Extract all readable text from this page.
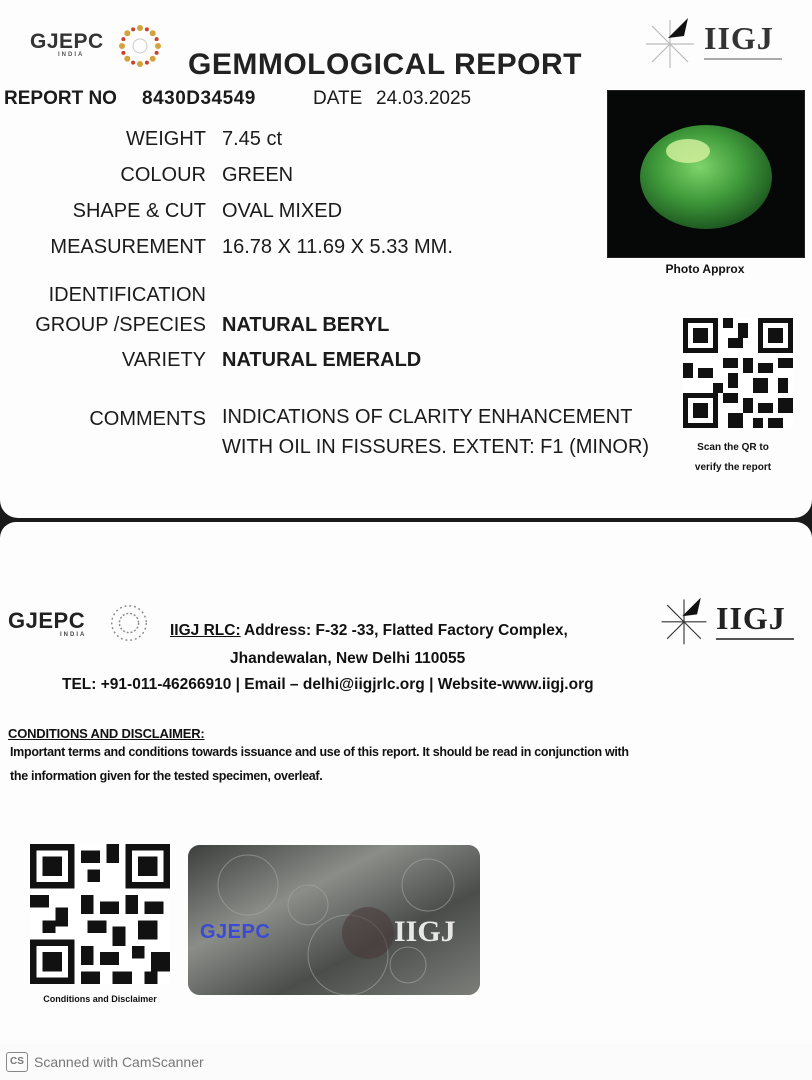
GJEPC
INDIA	IIGJ
GEMMOLOGICAL REPORT
REPORT NO 8430D34549	DATE 24.03.2025
WEIGHT 7.45 ct
COLOUR GREEN
SHAPE & CUT OVAL MIXED
MEASUREMENT 16.78 X 11.69 X 5.33 MM.
IDENTIFICATION
GROUP /SPECIES NATURAL BERYL
VARIETY NATURAL EMERALD
COMMENTS INDICATIONS OF CLARITY ENHANCEMENT
WITH OIL IN FISSURES. EXTENT: F1 (MINOR)
Photo Approx
Scan the QR to
verify the report
GJEPC
INDIA	IIGJ
IIGJ RLC: Address: F-32 -33, Flatted Factory Complex,
Jhandewalan, New Delhi 110055
TEL: +91-011-46266910 | Email – delhi@iigjrlc.org | Website-www.iigj.org
CONDITIONS AND DISCLAIMER:
Important terms and conditions towards issuance and use of this report. It should be read in conjunction with
the information given for the tested specimen, overleaf.
Conditions and Disclaimer
GJEPC	IIGJ
CS Scanned with CamScanner
